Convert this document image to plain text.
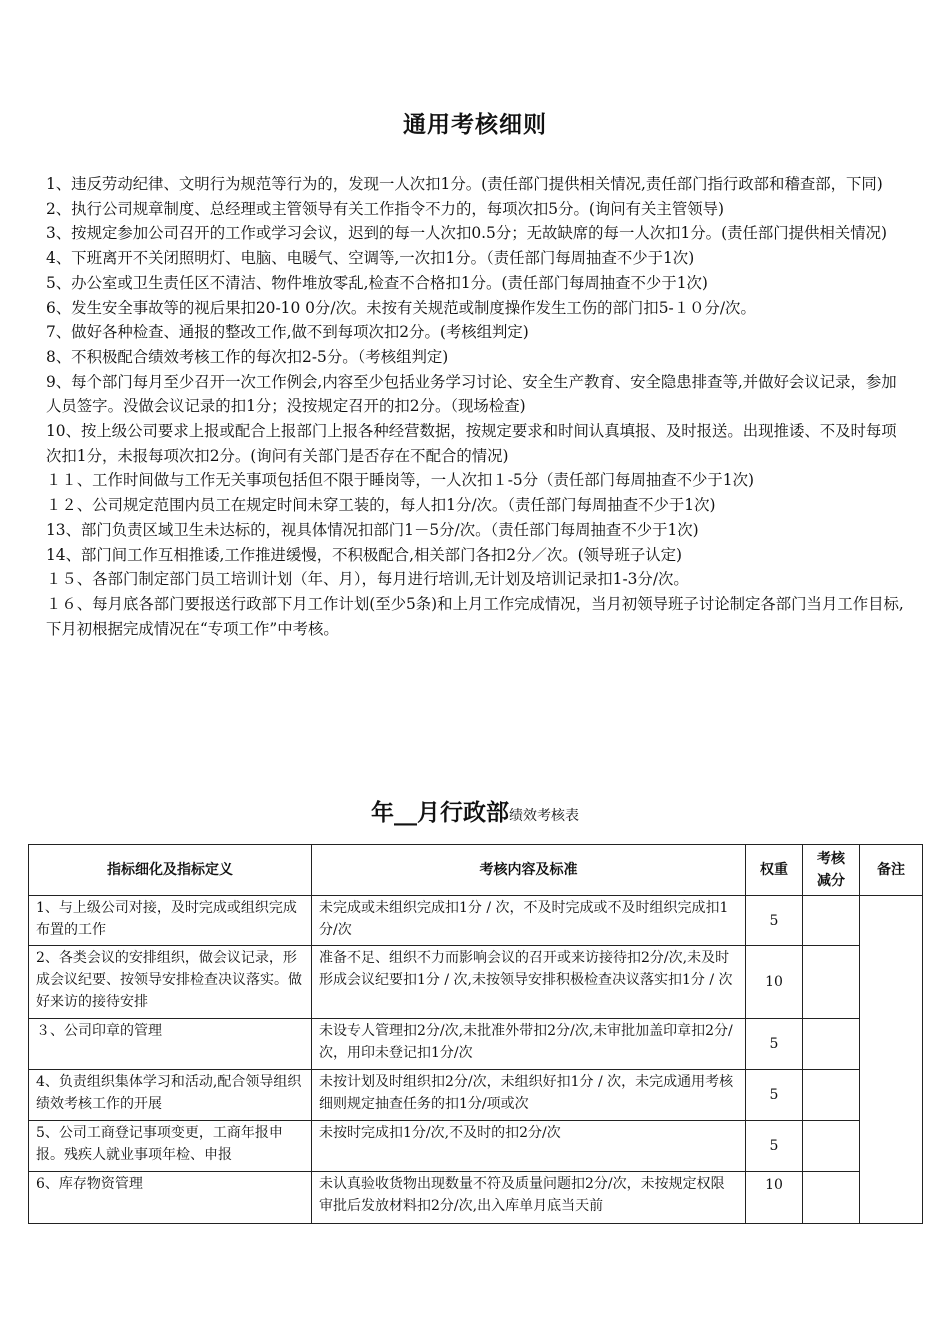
通用考核细则

1、违反劳动纪律、文明行为规范等行为的，发现一人次扣1分。(责任部门提供相关情况,责任部门指行政部和稽查部，下同)

2、执行公司规章制度、总经理或主管领导有关工作指令不力的，每项次扣5分。(询问有关主管领导)

3、按规定参加公司召开的工作或学习会议，迟到的每一人次扣0.5分；无故缺席的每一人次扣1分。(责任部门提供相关情况)

4、下班离开不关闭照明灯、电脑、电暖气、空调等,一次扣1分。（责任部门每周抽查不少于1次)

5、办公室或卫生责任区不清洁、物件堆放零乱,检查不合格扣1分。(责任部门每周抽查不少于1次)

6、发生安全事故等的视后果扣20-10 0分/次。未按有关规范或制度操作发生工伤的部门扣5-１０分/次。

7、做好各种检查、通报的整改工作,做不到每项次扣2分。(考核组判定)

8、不积极配合绩效考核工作的每次扣2-5分。（考核组判定)

9、每个部门每月至少召开一次工作例会,内容至少包括业务学习讨论、安全生产教育、安全隐患排查等,并做好会议记录，参加人员签字。没做会议记录的扣1分；没按规定召开的扣2分。（现场检查)

10、按上级公司要求上报或配合上报部门上报各种经营数据，按规定要求和时间认真填报、及时报送。出现推诿、不及时每项次扣1分，未报每项次扣2分。(询问有关部门是否存在不配合的情况)

１１、工作时间做与工作无关事项包括但不限于睡岗等，一人次扣１-5分（责任部门每周抽查不少于1次)

１２、公司规定范围内员工在规定时间未穿工装的，每人扣1分/次。（责任部门每周抽查不少于1次)

13、部门负责区域卫生未达标的，视具体情况扣部门1－5分/次。（责任部门每周抽查不少于1次)

14、部门间工作互相推诿,工作推进缓慢，不积极配合,相关部门各扣2分／次。(领导班子认定)

１５、各部门制定部门员工培训计划（年、月），每月进行培训,无计划及培训记录扣1-3分/次。

１６、每月底各部门要报送行政部下月工作计划(至少5条)和上月工作完成情况，当月初领导班子讨论制定各部门当月工作目标,下月初根据完成情况在“专项工作”中考核。

年__月行政部绩效考核表
指标细化及指标定义	考核内容及标准	权重	考核减分	备注
1、与上级公司对接，及时完成或组织完成布置的工作	未完成或未组织完成扣1分 / 次，不及时完成或不及时组织完成扣1分/次	5		
2、各类会议的安排组织，做会议记录，形成会议纪要、按领导安排检查决议落实。做好来访的接待安排	准备不足、组织不力而影响会议的召开或来访接待扣2分/次,未及时形成会议纪要扣1分 / 次,未按领导安排积极检查决议落实扣1分 / 次	10		
３、公司印章的管理	未设专人管理扣2分/次,未批准外带扣2分/次,未审批加盖印章扣2分/次，用印未登记扣1分/次	5		
4、负责组织集体学习和活动,配合领导组织绩效考核工作的开展	未按计划及时组织扣2分/次，未组织好扣1分 / 次，未完成通用考核细则规定抽查任务的扣1分/项或次	5		
5、公司工商登记事项变更，工商年报申报。残疾人就业事项年检、申报	未按时完成扣1分/次,不及时的扣2分/次	5		
6、库存物资管理	未认真验收货物出现数量不符及质量问题扣2分/次，未按规定权限审批后发放材料扣2分/次,出入库单月底当天前	10		
